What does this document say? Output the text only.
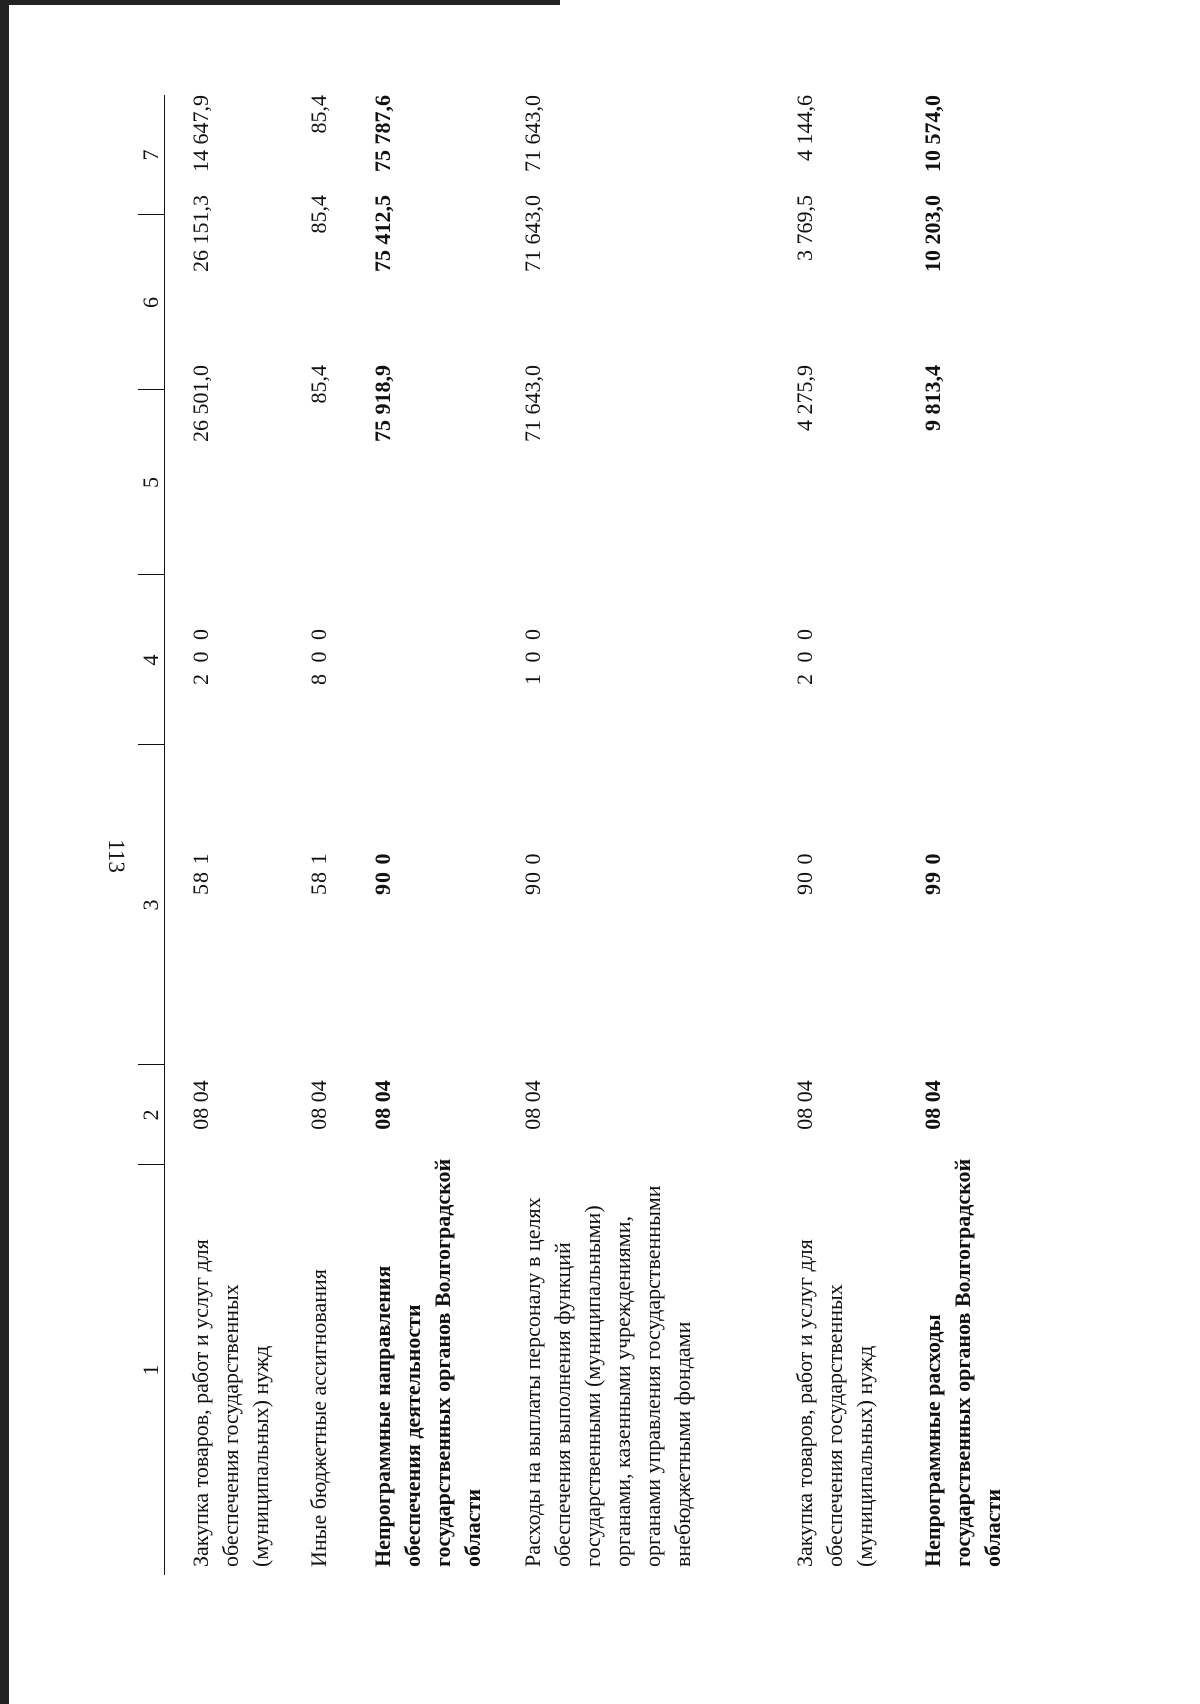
113
1
2
3
4
5
6
7
Закупка товаров, работ и услуг для обеспечения государственных (муниципальных) нужд
08 04
58 1
2 0 0
26 501,0
26 151,3
14 647,9
Иные бюджетные ассигнования
08 04
58 1
8 0 0
85,4
85,4
85,4
Непрограммные направления обеспечения деятельности государственных органов Волгоградской области
08 04
90 0
75 918,9
75 412,5
75 787,6
Расходы на выплаты персоналу в целях обеспечения выполнения функций государственными (муниципальными) органами, казенными учреждениями, органами управления государственными внебюджетными фондами
08 04
90 0
1 0 0
71 643,0
71 643,0
71 643,0
Закупка товаров, работ и услуг для обеспечения государственных (муниципальных) нужд
08 04
90 0
2 0 0
4 275,9
3 769,5
4 144,6
Непрограммные расходы государственных органов Волгоградской области
08 04
99 0
9 813,4
10 203,0
10 574,0
